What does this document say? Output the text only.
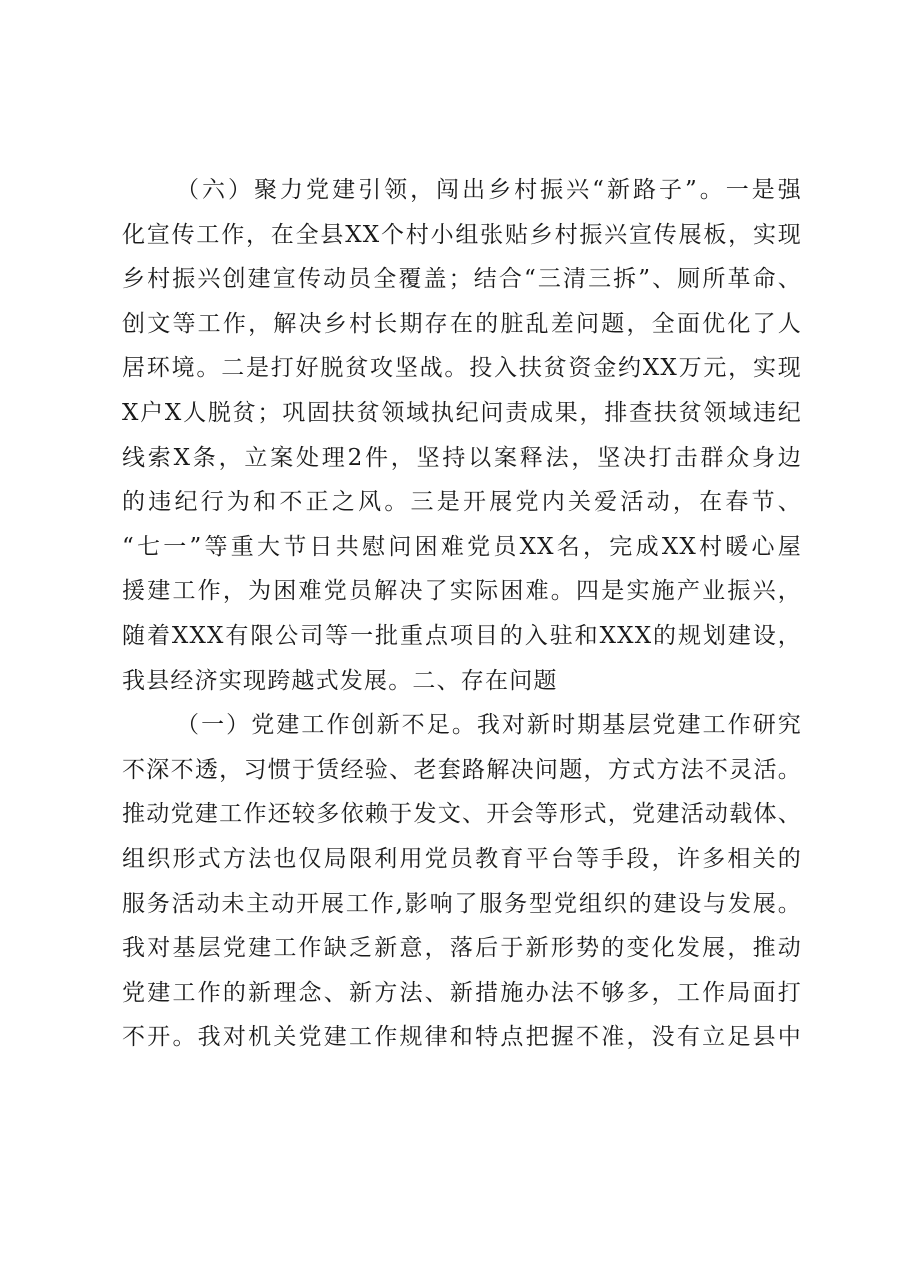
（六）聚力党建引领，闯出乡村振兴“新路子”。一是强
化宣传工作，在全县XX个村小组张贴乡村振兴宣传展板，实现
乡村振兴创建宣传动员全覆盖；结合“三清三拆”、厕所革命、
创文等工作，解决乡村长期存在的脏乱差问题，全面优化了人
居环境。二是打好脱贫攻坚战。投入扶贫资金约XX万元，实现
X户X人脱贫；巩固扶贫领域执纪问责成果，排查扶贫领域违纪
线索X条，立案处理2件，坚持以案释法，坚决打击群众身边
的违纪行为和不正之风。三是开展党内关爱活动，在春节、
“七一”等重大节日共慰问困难党员XX名，完成XX村暖心屋
援建工作，为困难党员解决了实际困难。四是实施产业振兴，
随着XXX有限公司等一批重点项目的入驻和XXX的规划建设，
我县经济实现跨越式发展。二、存在问题
（一）党建工作创新不足。我对新时期基层党建工作研究
不深不透，习惯于赁经验、老套路解决问题，方式方法不灵活。
推动党建工作还较多依赖于发文、开会等形式，党建活动载体、
组织形式方法也仅局限利用党员教育平台等手段，许多相关的
服务活动未主动开展工作,影响了服务型党组织的建设与发展。
我对基层党建工作缺乏新意，落后于新形势的变化发展，推动
党建工作的新理念、新方法、新措施办法不够多，工作局面打
不开。我对机关党建工作规律和特点把握不准，没有立足县中
